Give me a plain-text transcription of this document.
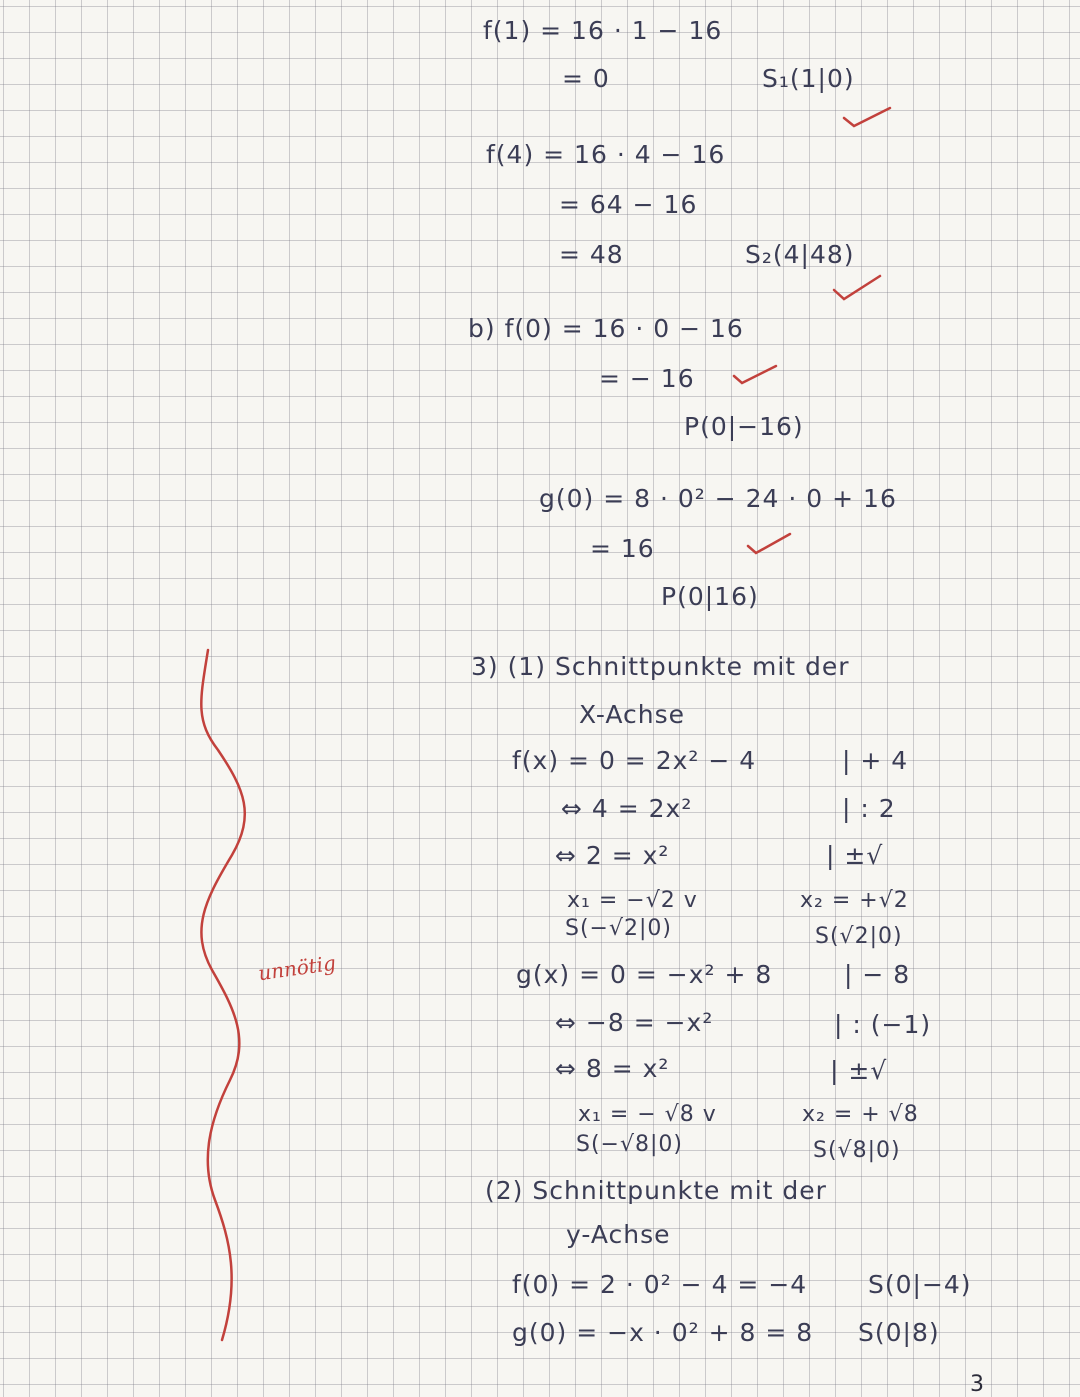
f(1) = 16 · 1 − 16
= 0	S₁(1|0)
f(4) = 16 · 4 − 16
= 64 − 16
= 48	S₂(4|48)
b) f(0) = 16 · 0 − 16
= − 16
P(0|−16)
g(0) = 8 · 0² − 24 · 0 + 16
= 16
P(0|16)
3) (1) Schnittpunkte mit der
X-Achse
f(x) = 0 = 2x² − 4	| + 4
⇔ 4 = 2x²	| : 2
⇔ 2 = x²	| ±√
x₁ = −√2 v	x₂ = +√2
S(−√2|0)	S(√2|0)
g(x) = 0 = −x² + 8	| − 8
⇔ −8 = −x²	| : (−1)
⇔ 8 = x²	| ±√
x₁ = − √8 v	x₂ = + √8
S(−√8|0)	S(√8|0)
(2) Schnittpunkte mit der
y-Achse
f(0) = 2 · 0² − 4 = −4 S(0|−4)
g(0) = −x · 0² + 8 = 8 S(0|8)
unnötig
3
